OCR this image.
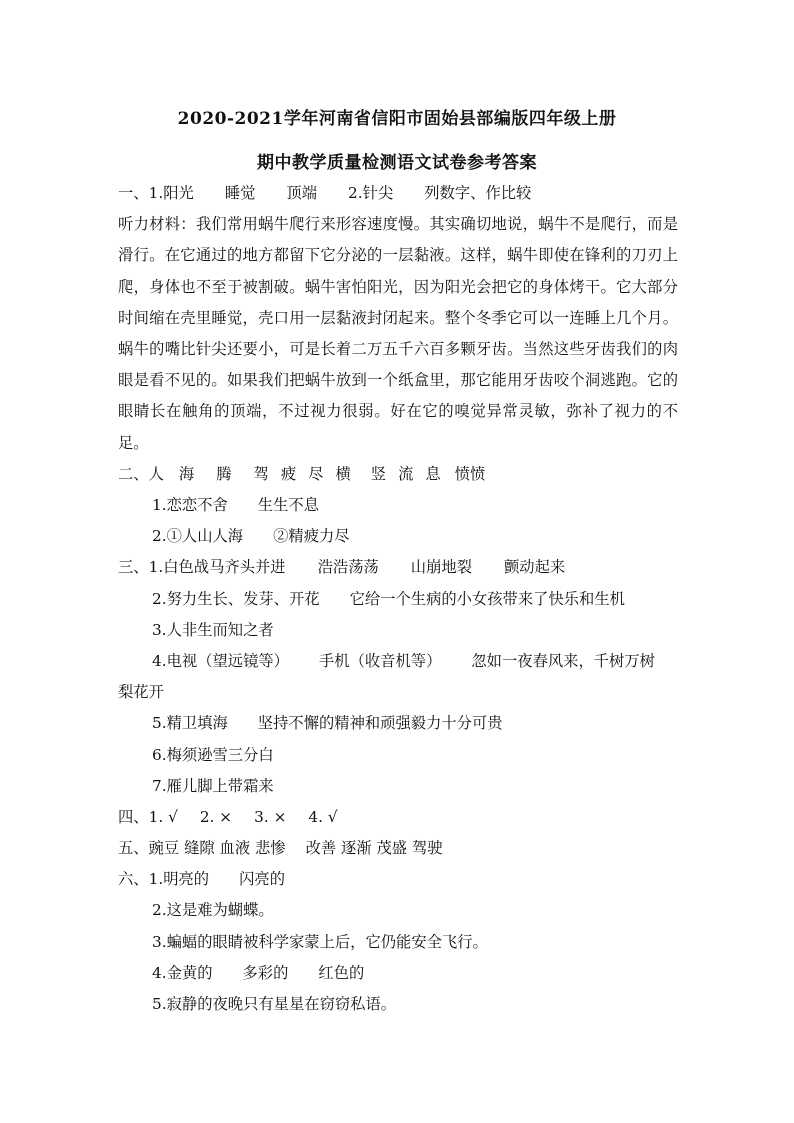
2020-2021学年河南省信阳市固始县部编版四年级上册
期中教学质量检测语文试卷参考答案
一、1.阳光 睡觉 顶端 2.针尖 列数字、作比较
听力材料：我们常用蜗牛爬行来形容速度慢。其实确切地说，蜗牛不是爬行，而是滑行。在它通过的地方都留下它分泌的一层黏液。这样，蜗牛即使在锋利的刀刃上爬，身体也不至于被割破。蜗牛害怕阳光，因为阳光会把它的身体烤干。它大部分时间缩在壳里睡觉，壳口用一层黏液封闭起来。整个冬季它可以一连睡上几个月。蜗牛的嘴比针尖还要小，可是长着二万五千六百多颗牙齿。当然这些牙齿我们的肉眼是看不见的。如果我们把蜗牛放到一个纸盒里，那它能用牙齿咬个洞逃跑。它的眼睛长在触角的顶端，不过视力很弱。好在它的嗅觉异常灵敏，弥补了视力的不足。
二、人 海 腾 驾 疲 尽 横 竖 流 息 愤愤
1.恋恋不舍 生生不息
2.①人山人海 ②精疲力尽
三、1.白色战马齐头并进 浩浩荡荡 山崩地裂 颤动起来
2.努力生长、发芽、开花 它给一个生病的小女孩带来了快乐和生机
3.人非生而知之者
4.电视（望远镜等） 手机（收音机等） 忽如一夜春风来，千树万树
梨花开
5.精卫填海 坚持不懈的精神和顽强毅力十分可贵
6.梅须逊雪三分白
7.雁儿脚上带霜来
四、1. √ 2. × 3. × 4. √
五、豌豆 缝隙 血液 悲惨 改善 逐渐 茂盛 驾驶
六、1.明亮的 闪亮的
2.这是难为蝴蝶。
3.蝙蝠的眼睛被科学家蒙上后，它仍能安全飞行。
4.金黄的 多彩的 红色的
5.寂静的夜晚只有星星在窃窃私语。
